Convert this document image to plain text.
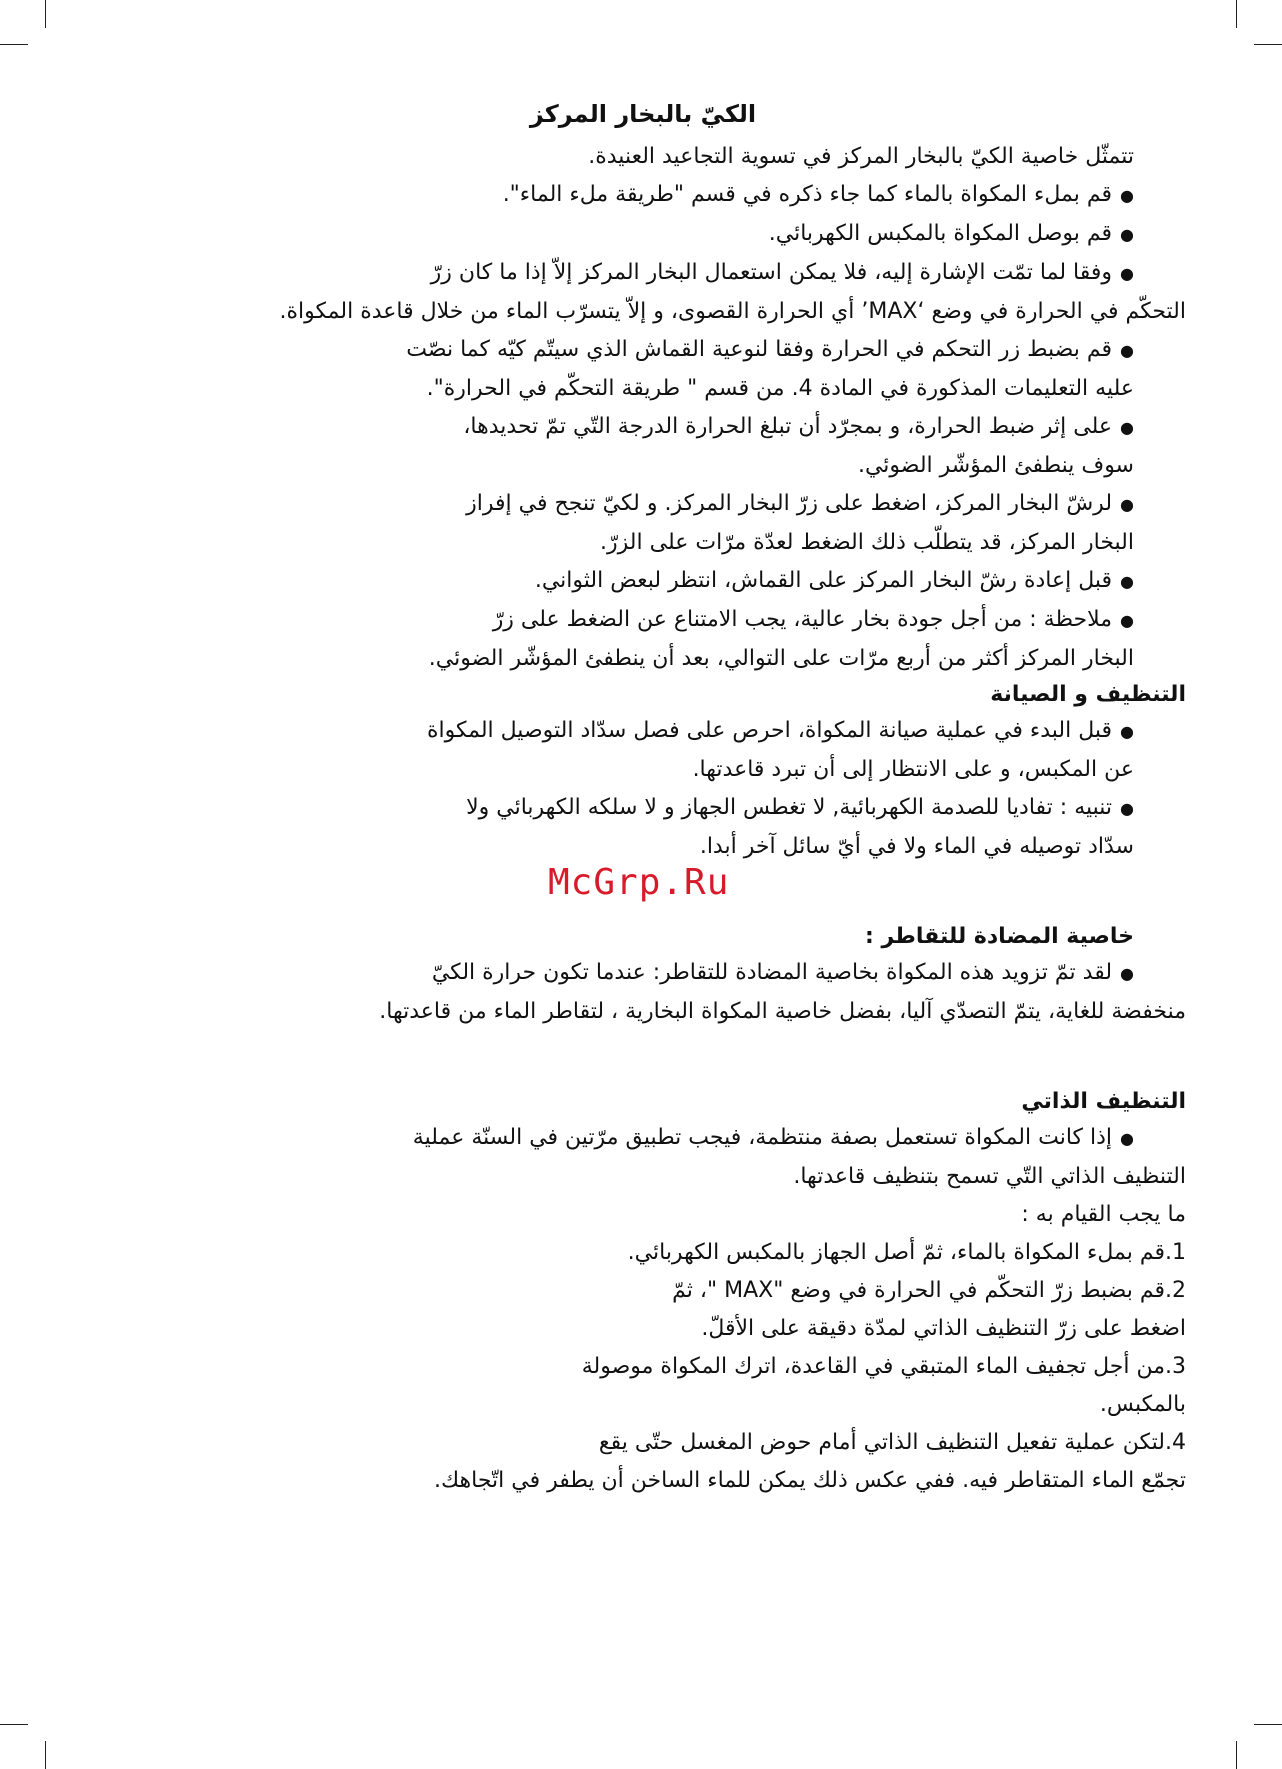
الكيّ بالبخار المركز

تتمثّل خاصية الكيّ بالبخار المركز في تسوية التجاعيد العنيدة.

●قم بملء المكواة بالماء كما جاء ذكره في قسم "طريقة ملء الماء".

●قم بوصل المكواة بالمكبس الكهربائي.

●وفقا لما تمّت الإشارة إليه، فلا يمكن استعمال البخار المركز إلاّ إذا ما كان زرّ

التحكّم في الحرارة في وضع ‘MAX’ أي الحرارة القصوى، و إلاّ يتسرّب الماء من خلال قاعدة المكواة.

●قم بضبط زر التحكم في الحرارة وفقا لنوعية القماش الذي سيتّم كيّه كما نصّت

عليه التعليمات المذكورة في المادة 4. من قسم " طريقة التحكّم في الحرارة".

●على إثر ضبط الحرارة، و بمجرّد أن تبلغ الحرارة الدرجة التّي تمّ تحديدها،

سوف ينطفئ المؤشّر الضوئي.

●لرشّ البخار المركز، اضغط على زرّ البخار المركز. و لكيّ تنجح في إفراز

البخار المركز، قد يتطلّب ذلك الضغط لعدّة مرّات على الزرّ.

●قبل إعادة رشّ البخار المركز على القماش، انتظر لبعض الثواني.

●ملاحظة : من أجل جودة بخار عالية، يجب الامتناع عن الضغط على زرّ

البخار المركز أكثر من أربع مرّات على التوالي، بعد أن ينطفئ المؤشّر الضوئي.

التنظيف و الصيانة

●قبل البدء في عملية صيانة المكواة، احرص على فصل سدّاد التوصيل المكواة

عن المكبس، و على الانتظار إلى أن تبرد قاعدتها.

●تنبيه : تفاديا للصدمة الكهربائية, لا تغطس الجهاز و لا سلكه الكهربائي ولا

سدّاد توصيله في الماء ولا في أيّ سائل آخر أبدا.

خاصية المضادة للتقاطر :

●لقد تمّ تزويد هذه المكواة بخاصية المضادة للتقاطر: عندما تكون حرارة الكيّ

منخفضة للغاية، يتمّ التصدّي آليا، بفضل خاصية المكواة البخارية ، لتقاطر الماء من قاعدتها.

التنظيف الذاتي

●إذا كانت المكواة تستعمل بصفة منتظمة، فيجب تطبيق مرّتين في السنّة عملية

التنظيف الذاتي التّي تسمح بتنظيف قاعدتها.

ما يجب القيام به :

1.قم بملء المكواة بالماء، ثمّ أصل الجهاز بالمكبس الكهربائي.

2.قم بضبط زرّ التحكّم في الحرارة في وضع "MAX "، ثمّ

اضغط على زرّ التنظيف الذاتي لمدّة دقيقة على الأقلّ.

3.من أجل تجفيف الماء المتبقي في القاعدة، اترك المكواة موصولة

بالمكبس.

4.لتكن عملية تفعيل التنظيف الذاتي أمام حوض المغسل حتّى يقع

تجمّع الماء المتقاطر فيه. ففي عكس ذلك يمكن للماء الساخن أن يطفر في اتّجاهك.

McGrp.Ru
